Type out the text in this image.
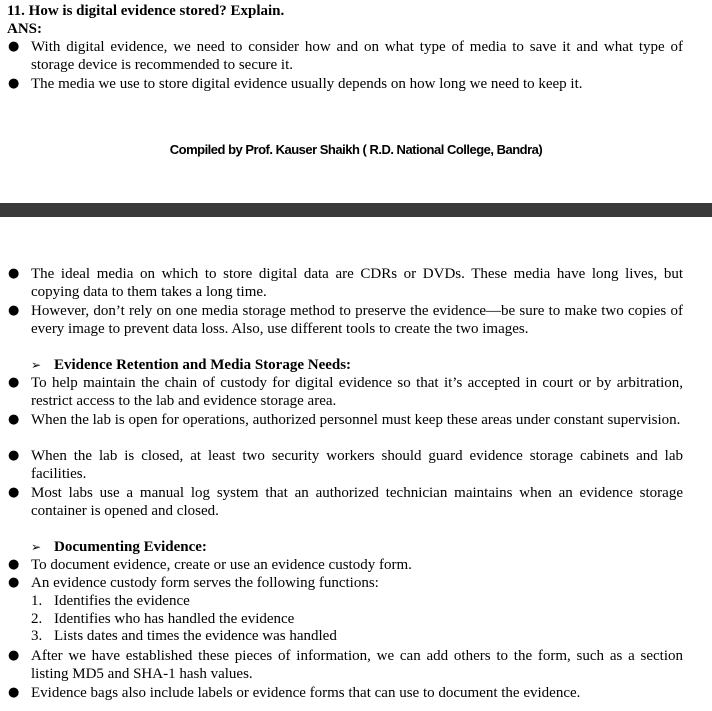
11. How is digital evidence stored? Explain.
ANS:
● With digital evidence, we need to consider how and on what type of media to save it and what type of storage device is recommended to secure it.
● The media we use to store digital evidence usually depends on how long we need to keep it.
Compiled by Prof. Kauser Shaikh ( R.D. National College, Bandra)
● The ideal media on which to store digital data are CDRs or DVDs. These media have long lives, but copying data to them takes a long time.
● However, don’t rely on one media storage method to preserve the evidence—be sure to make two copies of every image to prevent data loss. Also, use different tools to create the two images.
➢ Evidence Retention and Media Storage Needs:
● To help maintain the chain of custody for digital evidence so that it’s accepted in court or by arbitration, restrict access to the lab and evidence storage area.
● When the lab is open for operations, authorized personnel must keep these areas under constant supervision.
● When the lab is closed, at least two security workers should guard evidence storage cabinets and lab facilities.
● Most labs use a manual log system that an authorized technician maintains when an evidence storage container is opened and closed.
➢ Documenting Evidence:
● To document evidence, create or use an evidence custody form.
● An evidence custody form serves the following functions:
1. Identifies the evidence
2. Identifies who has handled the evidence
3. Lists dates and times the evidence was handled
● After we have established these pieces of information, we can add others to the form, such as a section listing MD5 and SHA-1 hash values.
● Evidence bags also include labels or evidence forms that can use to document the evidence.
